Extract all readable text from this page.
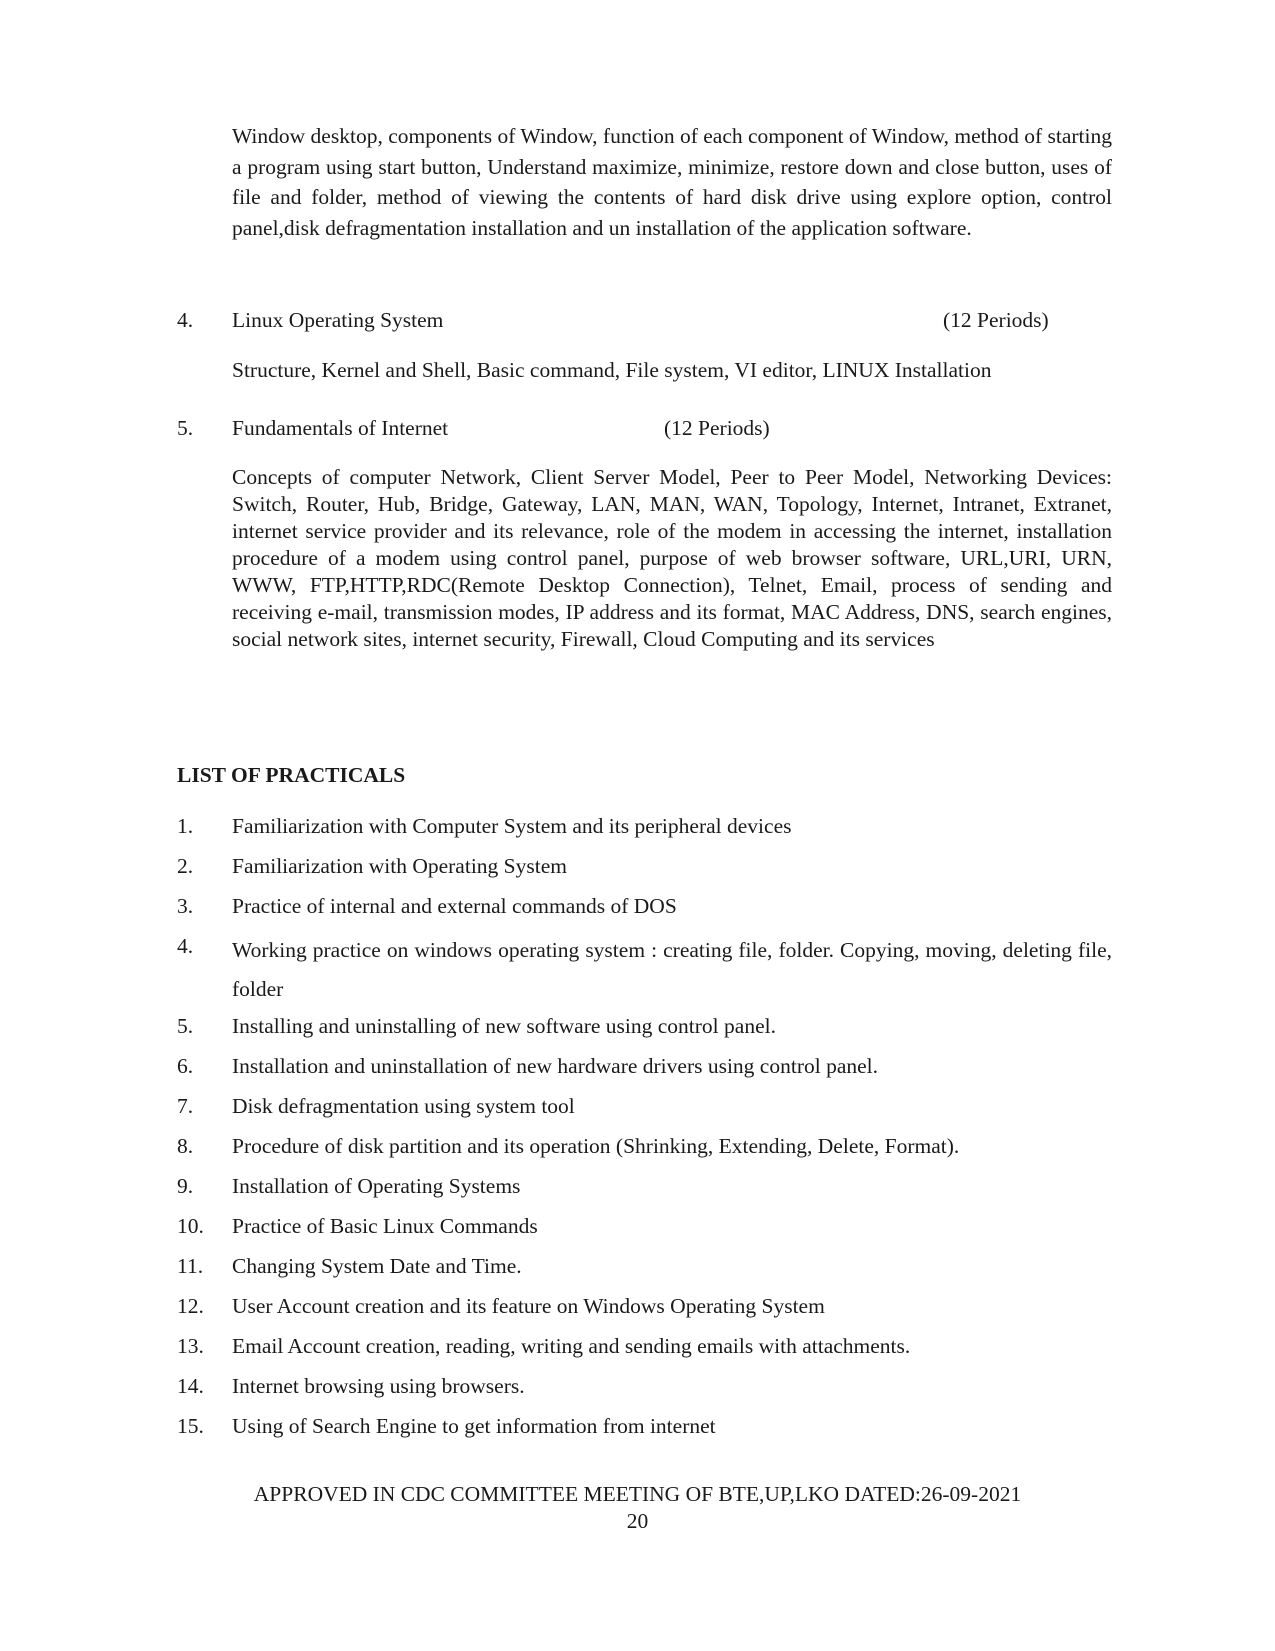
Window desktop, components of Window, function of each component of Window, method of starting a program using start button, Understand maximize, minimize, restore down and close button, uses of file and folder, method of viewing the contents of hard disk drive using explore option, control panel,disk defragmentation installation and un installation of the application software.
4. Linux Operating System	(12 Periods)
Structure, Kernel and Shell, Basic command, File system, VI editor, LINUX Installation
5. Fundamentals of Internet	(12 Periods)
Concepts of computer Network, Client Server Model, Peer to Peer Model, Networking Devices: Switch, Router, Hub, Bridge, Gateway, LAN, MAN, WAN, Topology, Internet, Intranet, Extranet, internet service provider and its relevance, role of the modem in accessing the internet, installation procedure of a modem using control panel, purpose of web browser software, URL,URI, URN, WWW, FTP,HTTP,RDC(Remote Desktop Connection), Telnet, Email, process of sending and receiving e-mail, transmission modes, IP address and its format, MAC Address, DNS, search engines, social network sites, internet security, Firewall, Cloud Computing and its services
LIST OF PRACTICALS
1. Familiarization with Computer System and its peripheral devices
2. Familiarization with Operating System
3. Practice of internal and external commands of DOS
4. Working practice on windows operating system : creating file, folder. Copying, moving, deleting file, folder
5. Installing and uninstalling of new software using control panel.
6. Installation and uninstallation of new hardware drivers using control panel.
7. Disk defragmentation using system tool
8. Procedure of disk partition and its operation (Shrinking, Extending, Delete, Format).
9. Installation of Operating Systems
10. Practice of Basic Linux Commands
11. Changing System Date and Time.
12. User Account creation and its feature on Windows Operating System
13. Email Account creation, reading, writing and sending emails with attachments.
14. Internet browsing using browsers.
15. Using of Search Engine to get information from internet
APPROVED IN CDC COMMITTEE MEETING OF BTE,UP,LKO DATED:26-09-2021
20
